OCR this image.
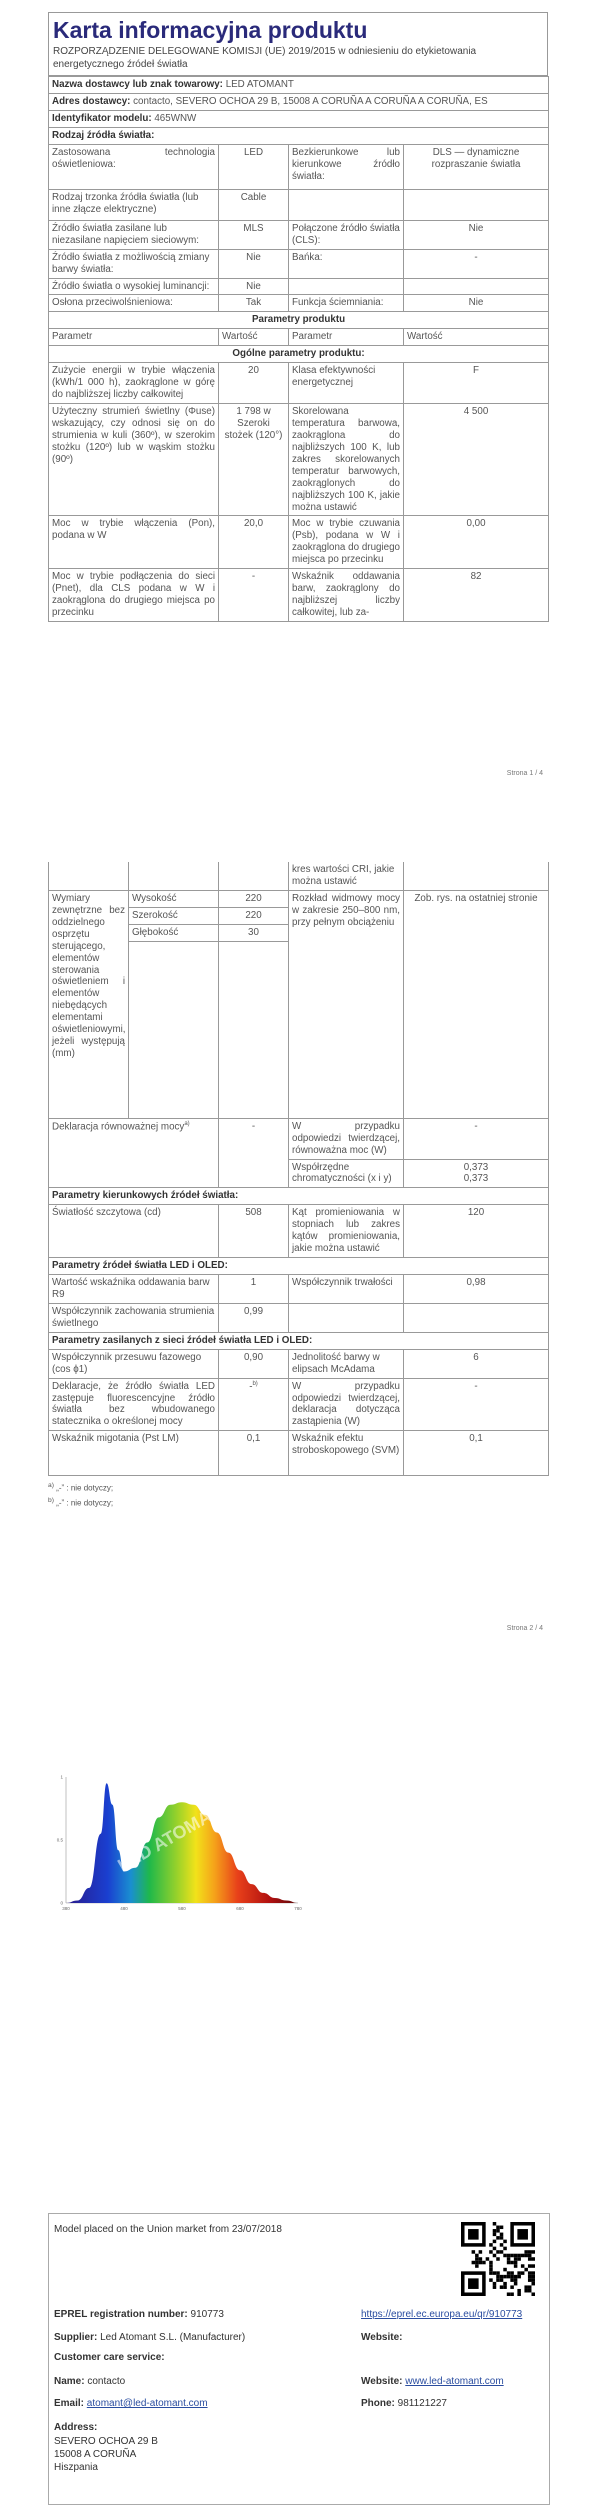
Karta informacyjna produktu
ROZPORZĄDZENIE DELEGOWANE KOMISJI (UE) 2019/2015 w odniesieniu do etykietowania energetycznego źródeł światła
Nazwa dostawcy lub znak towarowy: LED ATOMANT			
Adres dostawcy: contacto, SEVERO OCHOA 29 B, 15008 A CORUÑA A CORUÑA A CORUÑA, ES			
Identyfikator modelu: 465WNW			
Rodzaj źródła światła:			
Zastosowana technologia oświetleniowa:	LED	Bezkierunkowe lub kierunkowe źródło światła:	DLS — dynamiczne rozpraszanie światła
Rodzaj trzonka źródła światła (lub inne złącze elektryczne)	Cable		
Źródło światła zasilane lub niezasilane napięciem sieciowym:	MLS	Połączone źródło światła (CLS):	Nie
Źródło światła z możliwością zmiany barwy światła:	Nie	Bańka:	-
Źródło światła o wysokiej luminancji:	Nie		
Osłona przeciwolśnieniowa:	Tak	Funkcja ściemniania:	Nie
Parametry produktu			
Parametr	Wartość	Parametr	Wartość
Ogólne parametry produktu:			
Zużycie energii w trybie włączenia (kWh/1 000 h), zaokrąglone w górę do najbliższej liczby całkowitej	20	Klasa efektywności energetycznej	F
Użyteczny strumień świetlny (Φuse) wskazujący, czy odnosi się on do strumienia w kuli (360º), w szerokim stożku (120º) lub w wąskim stożku (90º)	1 798 w Szeroki stożek (120°)	Skorelowana temperatura barwowa, zaokrąglona do najbliższych 100 K, lub zakres skorelowanych temperatur barwowych, zaokrąglonych do najbliższych 100 K, jakie można ustawić	4 500
Moc w trybie włączenia (Pon), podana w W	20,0	Moc w trybie czuwania (Psb), podana w W i zaokrąglona do drugiego miejsca po przecinku	0,00
Moc w trybie podłączenia do sieci (Pnet), dla CLS podana w W i zaokrąglona do drugiego miejsca po przecinku	-	Wskaźnik oddawania barw, zaokrąglony do najbliższej liczby całkowitej, lub za-	82
Strona 1 / 4
			kres wartości CRI, jakie można ustawić	
Wymiary zewnętrzne bez oddzielnego osprzętu sterującego, elementów sterowania oświetleniem i elementów niebędących elementami oświetleniowymi, jeżeli występują (mm)	Wysokość	220	Rozkład widmowy mocy w zakresie 250–800 nm, przy pełnym obciążeniu	Zob. rys. na ostatniej stronie
	Szerokość	220		
	Głębokość	30		

Deklaracja równoważnej mocy$^{a)}$		-	W przypadku odpowiedzi twierdzącej, równoważna moc (W)	-
			Współrzędne chromatyczności (x i y)	0,373
0,373

Parametry kierunkowych źródeł światła:				
Światłość szczytowa (cd)		508	Kąt promieniowania w stopniach lub zakres kątów promieniowania, jakie można ustawić	120
Parametry źródeł światła LED i OLED:				
Wartość wskaźnika oddawania barw R9		1	Współczynnik trwałości	0,98
Współczynnik zachowania strumienia świetlnego		0,99		
Parametry zasilanych z sieci źródeł światła LED i OLED:				
Współczynnik przesuwu fazowego (cos ϕ1)		0,90	Jednolitość barwy w elipsach McAdama	6
Deklaracje, że źródło światła LED zastępuje fluorescencyjne źródło światła bez wbudowanego statecznika o określonej mocy		-$^{b)}$	W przypadku odpowiedzi twierdzącej, deklaracja dotycząca zastąpienia (W)	-
Wskaźnik migotania (Pst LM)		0,1	Wskaźnik efektu stroboskopowego (SVM)	0,1
$^{a)}$ „-” : nie dotyczy;
$^{b)}$ „-” : nie dotyczy;
Strona 2 / 4
380	480	580	680	780
0
0.5
1
LED ATOMANT
Model placed on the Union market from 23/07/2018
EPREL registration number: 910773	https://eprel.ec.europa.eu/qr/910773
Supplier: Led Atomant S.L. (Manufacturer)	Website:
Customer care service:
Name: contacto	Website: www.led-atomant.com
Email: atomant@led-atomant.com	Phone: 981121227
Address:
SEVERO OCHOA 29 B
15008 A CORUÑA
Hiszpania
